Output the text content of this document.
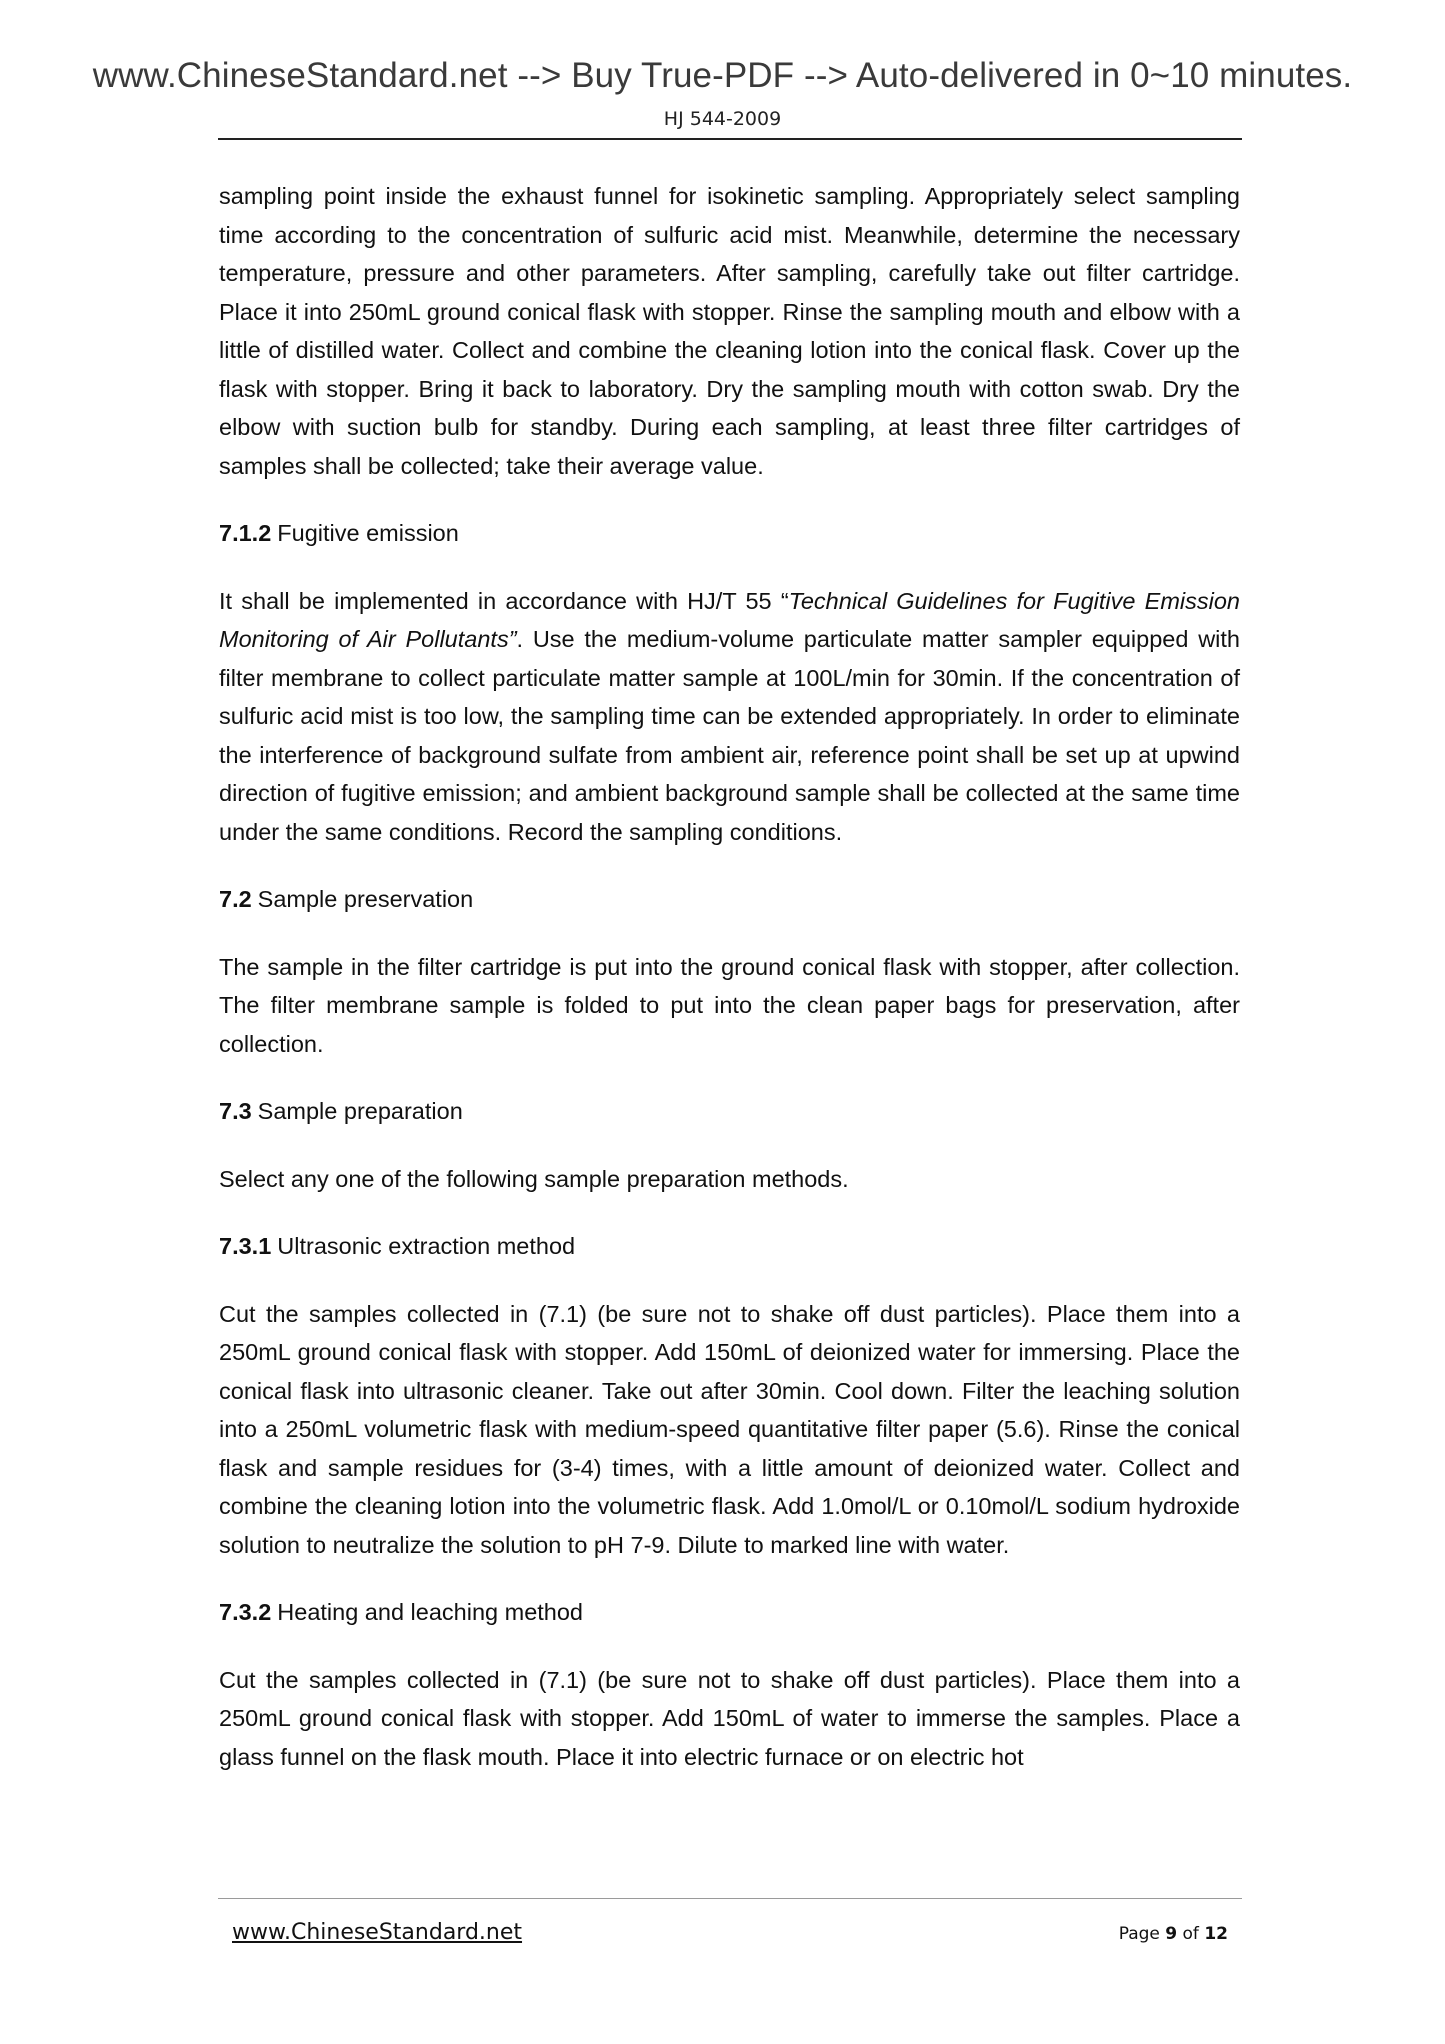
www.ChineseStandard.net --> Buy True-PDF --> Auto-delivered in 0~10 minutes.
HJ 544-2009

sampling point inside the exhaust funnel for isokinetic sampling. Appropriately select sampling time according to the concentration of sulfuric acid mist. Meanwhile, determine the necessary temperature, pressure and other parameters. After sampling, carefully take out filter cartridge. Place it into 250mL ground conical flask with stopper. Rinse the sampling mouth and elbow with a little of distilled water. Collect and combine the cleaning lotion into the conical flask. Cover up the flask with stopper. Bring it back to laboratory. Dry the sampling mouth with cotton swab. Dry the elbow with suction bulb for standby. During each sampling, at least three filter cartridges of samples shall be collected; take their average value.

7.1.2 Fugitive emission

It shall be implemented in accordance with HJ/T 55 “Technical Guidelines for Fugitive Emission Monitoring of Air Pollutants”. Use the medium-volume particulate matter sampler equipped with filter membrane to collect particulate matter sample at 100L/min for 30min. If the concentration of sulfuric acid mist is too low, the sampling time can be extended appropriately. In order to eliminate the interference of background sulfate from ambient air, reference point shall be set up at upwind direction of fugitive emission; and ambient background sample shall be collected at the same time under the same conditions. Record the sampling conditions.

7.2 Sample preservation

The sample in the filter cartridge is put into the ground conical flask with stopper, after collection. The filter membrane sample is folded to put into the clean paper bags for preservation, after collection.

7.3 Sample preparation

Select any one of the following sample preparation methods.

7.3.1 Ultrasonic extraction method

Cut the samples collected in (7.1) (be sure not to shake off dust particles). Place them into a 250mL ground conical flask with stopper. Add 150mL of deionized water for immersing. Place the conical flask into ultrasonic cleaner. Take out after 30min. Cool down. Filter the leaching solution into a 250mL volumetric flask with medium-speed quantitative filter paper (5.6). Rinse the conical flask and sample residues for (3-4) times, with a little amount of deionized water. Collect and combine the cleaning lotion into the volumetric flask. Add 1.0mol/L or 0.10mol/L sodium hydroxide solution to neutralize the solution to pH 7-9. Dilute to marked line with water.

7.3.2 Heating and leaching method

Cut the samples collected in (7.1) (be sure not to shake off dust particles). Place them into a 250mL ground conical flask with stopper. Add 150mL of water to immerse the samples. Place a glass funnel on the flask mouth. Place it into electric furnace or on electric hot

www.ChineseStandard.net	Page 9 of 12
